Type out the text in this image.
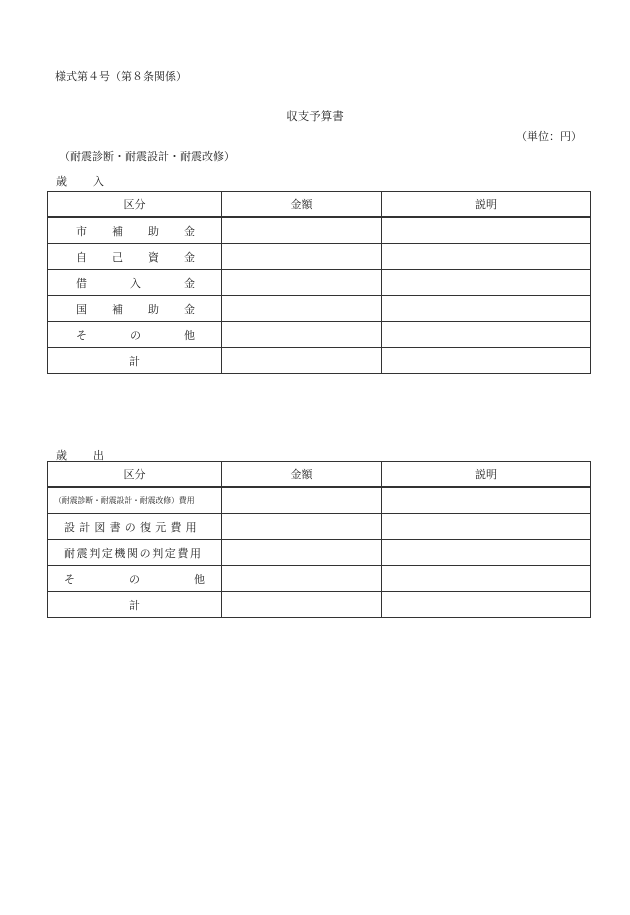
様式第４号（第８条関係）
収支予算書
（単位：円）
（耐震診断・耐震設計・耐震改修）
歳入
区分	金額	説明

市 補 助 金		

自 己 資 金		

借 入 金		

国 補 助 金		

そ の 他		

計		
歳出
区分	金額	説明
（耐震診断・耐震設計・耐震改修）費用		
設計図書の復元費用		
耐震判定機関の判定費用		

そ の 他		

計		
